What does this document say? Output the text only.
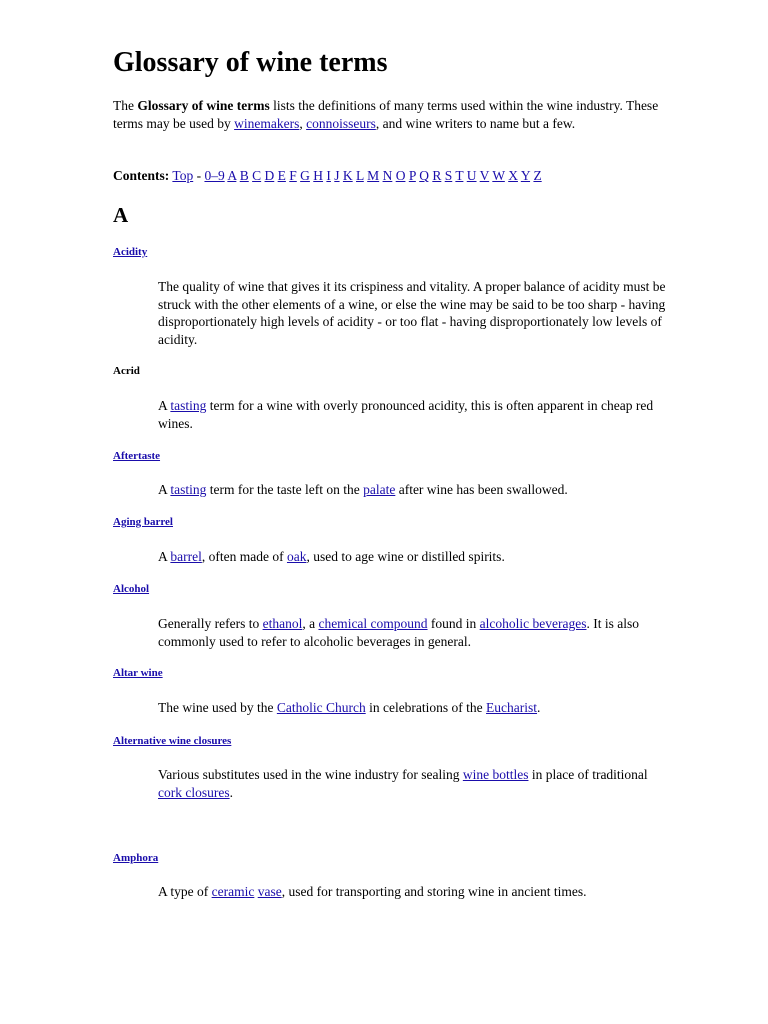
Glossary of wine terms

The Glossary of wine terms lists the definitions of many terms used within the wine industry. These terms may be used by winemakers, connoisseurs, and wine writers to name but a few.

Contents: Top - 0–9 A B C D E F G H I J K L M N O P Q R S T U V W X Y Z

A
Acidity

The quality of wine that gives it its crispiness and vitality. A proper balance of acidity must be struck with the other elements of a wine, or else the wine may be said to be too sharp - having disproportionately high levels of acidity - or too flat - having disproportionately low levels of acidity.

Acrid

A tasting term for a wine with overly pronounced acidity, this is often apparent in cheap red wines.

Aftertaste

A tasting term for the taste left on the palate after wine has been swallowed.

Aging barrel

A barrel, often made of oak, used to age wine or distilled spirits.

Alcohol

Generally refers to ethanol, a chemical compound found in alcoholic beverages. It is also commonly used to refer to alcoholic beverages in general.

Altar wine

The wine used by the Catholic Church in celebrations of the Eucharist.

Alternative wine closures

Various substitutes used in the wine industry for sealing wine bottles in place of traditional cork closures.

Amphora

A type of ceramic vase, used for transporting and storing wine in ancient times.
